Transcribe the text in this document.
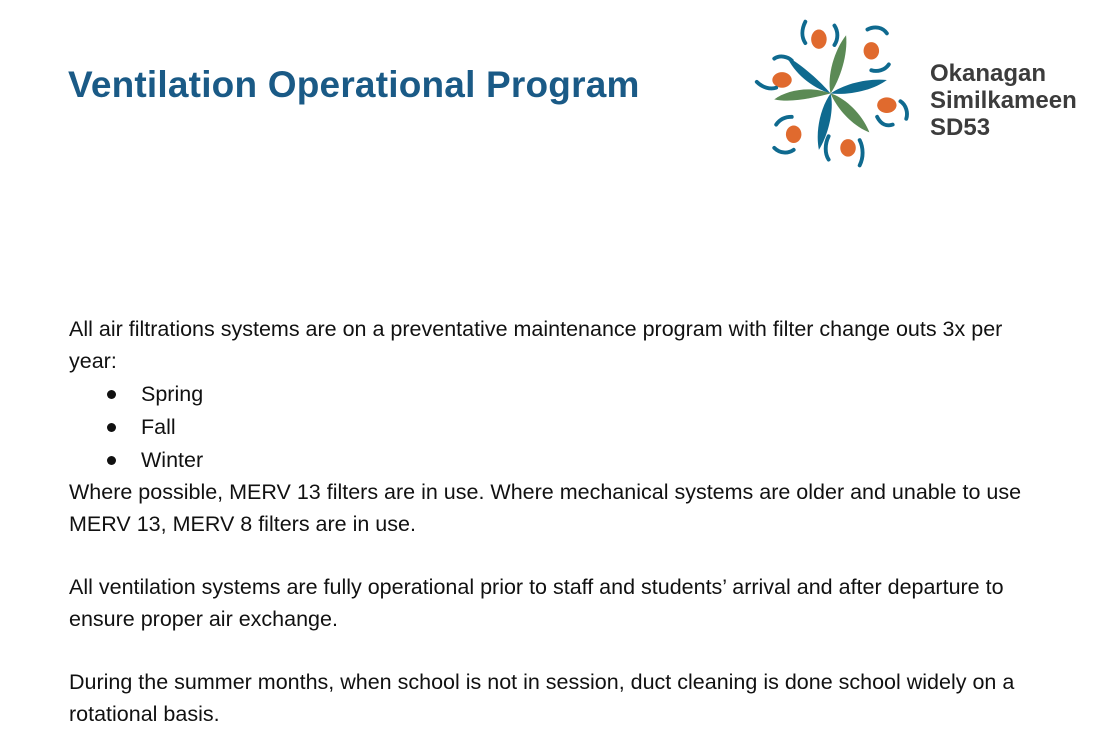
Ventilation Operational Program	Okanagan
Similkameen
SD53
All air filtrations systems are on a preventative maintenance program with filter change outs 3x per year:
Spring
Fall
Winter
Where possible, MERV 13 filters are in use. Where mechanical systems are older and unable to use MERV 13, MERV 8 filters are in use.
All ventilation systems are fully operational prior to staff and students’ arrival and after departure to ensure proper air exchange.
During the summer months, when school is not in session, duct cleaning is done school widely on a rotational basis.
